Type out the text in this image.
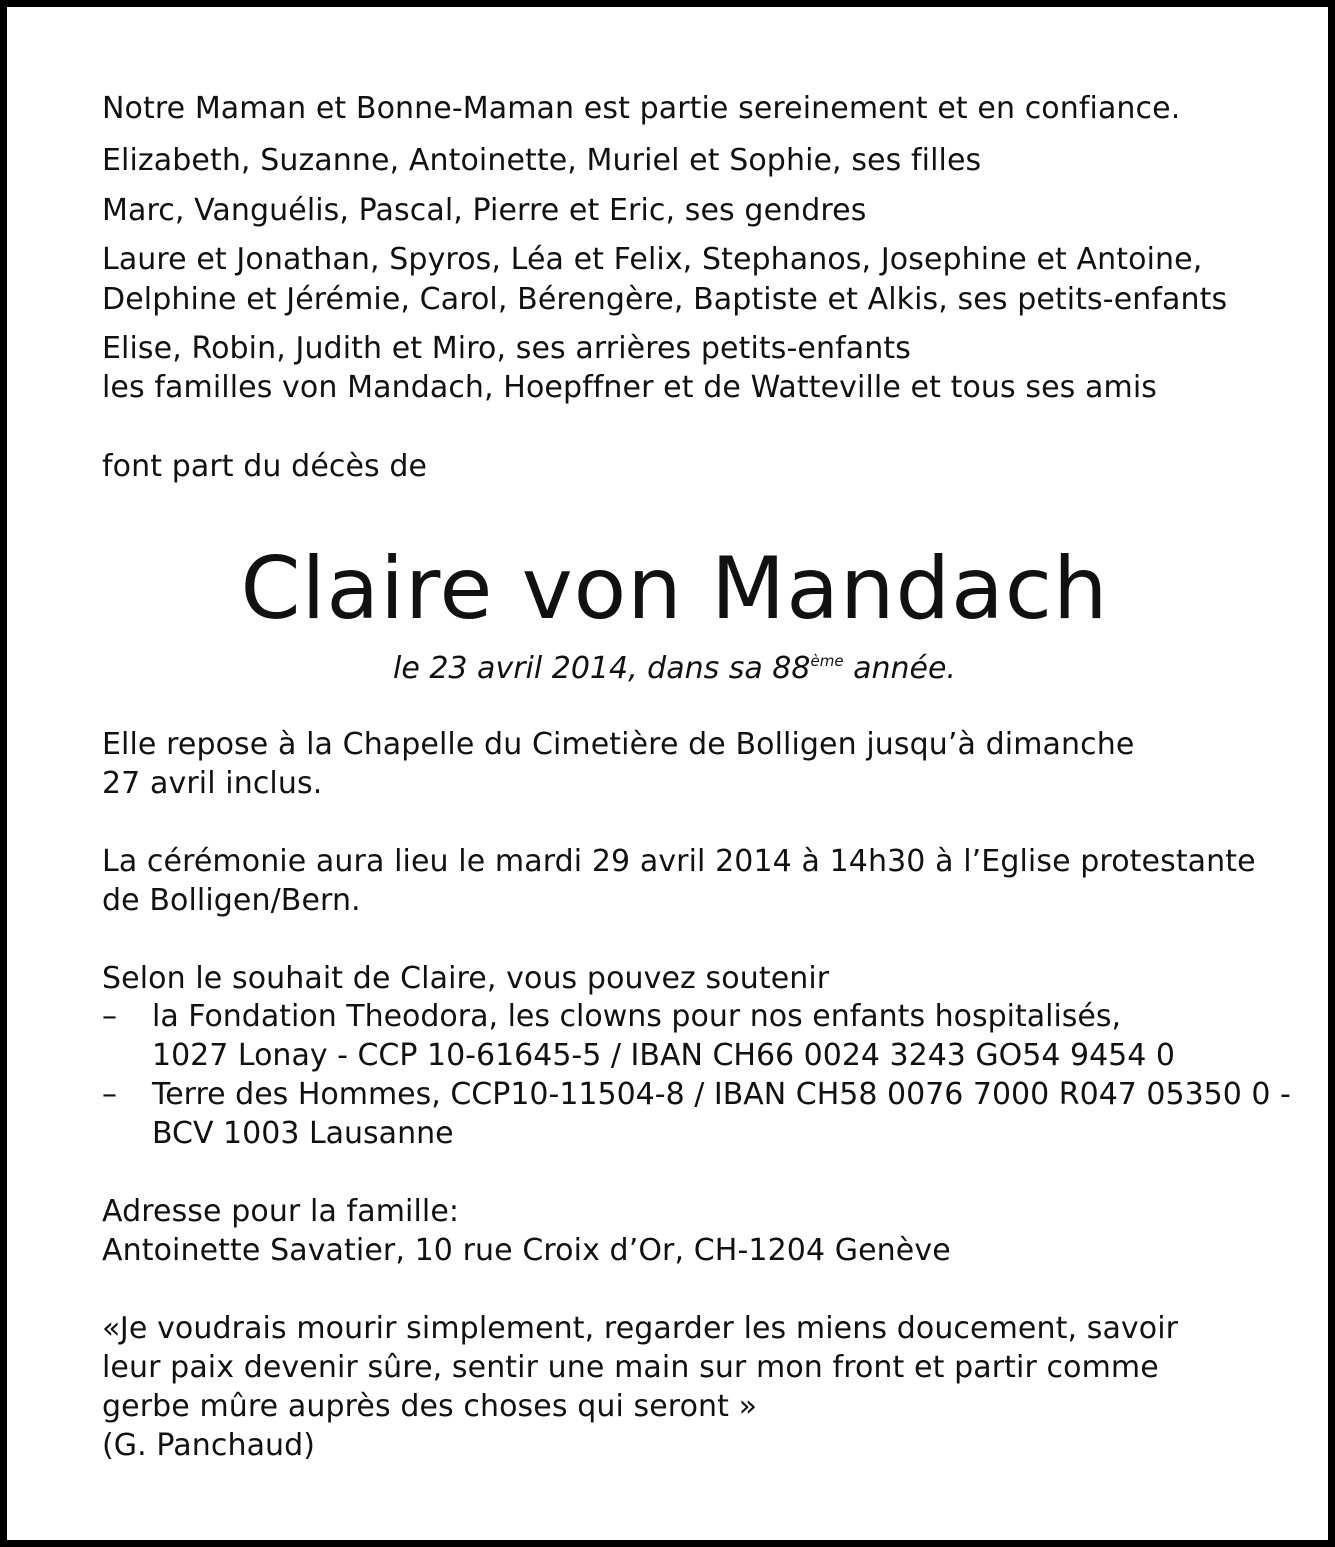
Notre Maman et Bonne-Maman est partie sereinement et en confiance.
Elizabeth, Suzanne, Antoinette, Muriel et Sophie, ses filles
Marc, Vanguélis, Pascal, Pierre et Eric, ses gendres
Laure et Jonathan, Spyros, Léa et Felix, Stephanos, Josephine et Antoine,
Delphine et Jérémie, Carol, Bérengère, Baptiste et Alkis, ses petits-enfants
Elise, Robin, Judith et Miro, ses arrières petits-enfants
les familles von Mandach, Hoepffner et de Watteville et tous ses amis
font part du décès de
Claire von Mandach
le 23 avril 2014, dans sa 88ème année.
Elle repose à la Chapelle du Cimetière de Bolligen jusqu’à dimanche
27 avril inclus.
La cérémonie aura lieu le mardi 29 avril 2014 à 14h30 à l’Eglise protestante
de Bolligen/Bern.
Selon le souhait de Claire, vous pouvez soutenir
– la Fondation Theodora, les clowns pour nos enfants hospitalisés,
1027 Lonay - CCP 10-61645-5 / IBAN CH66 0024 3243 GO54 9454 0
– Terre des Hommes, CCP10-11504-8 / IBAN CH58 0076 7000 R047 05350 0 -
BCV 1003 Lausanne
Adresse pour la famille:
Antoinette Savatier, 10 rue Croix d’Or, CH-1204 Genève
«Je voudrais mourir simplement, regarder les miens doucement, savoir
leur paix devenir sûre, sentir une main sur mon front et partir comme
gerbe mûre auprès des choses qui seront »
(G. Panchaud)
